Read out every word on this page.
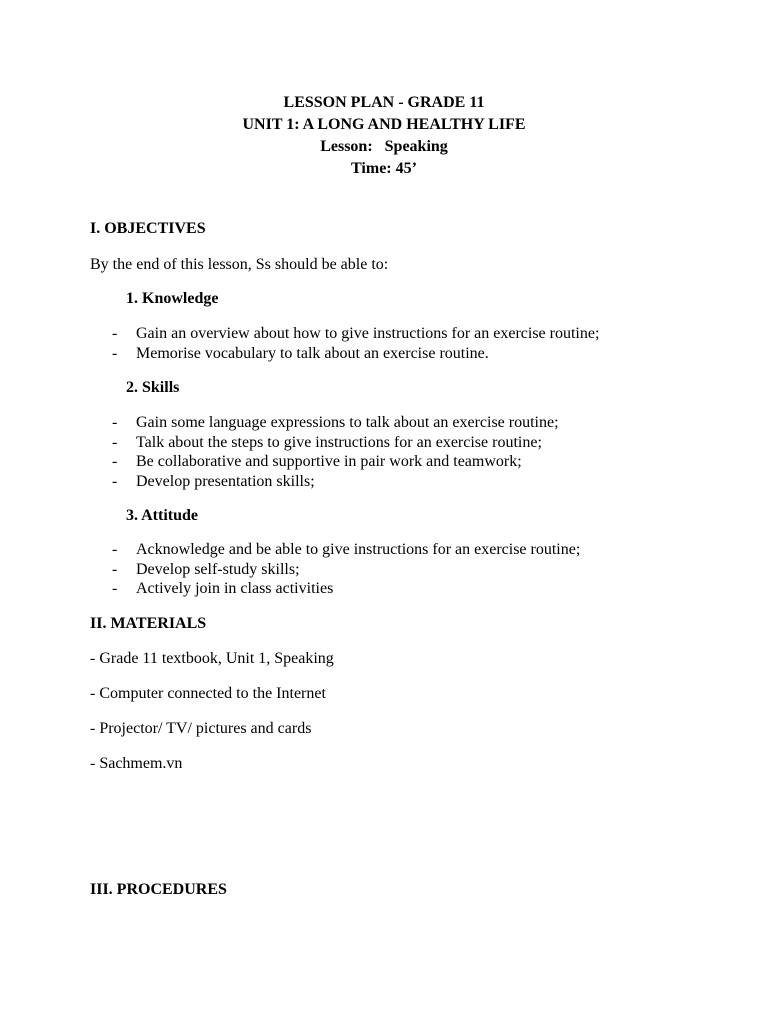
LESSON PLAN - GRADE 11
UNIT 1: A LONG AND HEALTHY LIFE
Lesson:   Speaking
Time: 45’
I. OBJECTIVES
By the end of this lesson, Ss should be able to:
1. Knowledge
- Gain an overview about how to give instructions for an exercise routine;
- Memorise vocabulary to talk about an exercise routine.
2. Skills
- Gain some language expressions to talk about an exercise routine;
- Talk about the steps to give instructions for an exercise routine;
- Be collaborative and supportive in pair work and teamwork;
- Develop presentation skills;
3. Attitude
- Acknowledge and be able to give instructions for an exercise routine;
- Develop self-study skills;
- Actively join in class activities
II. MATERIALS
- Grade 11 textbook, Unit 1, Speaking
- Computer connected to the Internet
- Projector/ TV/ pictures and cards
- Sachmem.vn
III. PROCEDURES
